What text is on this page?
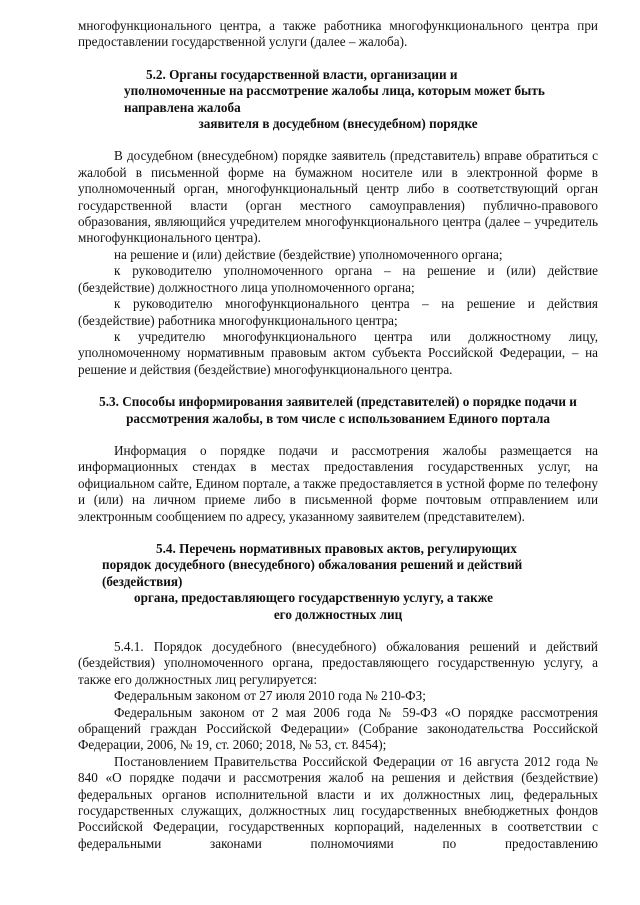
многофункционального центра, а также работника многофункционального центра при предоставлении государственной услуги (далее – жалоба).

5.2. Органы государственной власти, организации и

уполномоченные на рассмотрение жалобы лица, которым может быть

направлена жалоба

заявителя в досудебном (внесудебном) порядке

В досудебном (внесудебном) порядке заявитель (представитель) вправе обратиться с жалобой в письменной форме на бумажном носителе или в электронной форме в уполномоченный орган, многофункциональный центр либо в соответствующий орган государственной власти (орган местного самоуправления) публично-правового образования, являющийся учредителем многофункционального центра (далее – учредитель многофункционального центра).

на решение и (или) действие (бездействие) уполномоченного органа;

к руководителю уполномоченного органа – на решение и (или) действие (бездействие) должностного лица уполномоченного органа;

к руководителю многофункционального центра – на решение и действия (бездействие) работника многофункционального центра;

к учредителю многофункционального центра или должностному лицу, уполномоченному нормативным правовым актом субъекта Российской Федерации, – на решение и действия (бездействие) многофункционального центра.

5.3. Способы информирования заявителей (представителей) о порядке подачи и

рассмотрения жалобы, в том числе с использованием Единого портала

Информация о порядке подачи и рассмотрения жалобы размещается на информационных стендах в местах предоставления государственных услуг, на официальном сайте, Едином портале, а также предоставляется в устной форме по телефону и (или) на личном приеме либо в письменной форме почтовым отправлением или электронным сообщением по адресу, указанному заявителем (представителем).

5.4. Перечень нормативных правовых актов, регулирующих

порядок досудебного (внесудебного) обжалования решений и действий

(бездействия)

органа, предоставляющего государственную услугу, а также

его должностных лиц

5.4.1. Порядок досудебного (внесудебного) обжалования решений и действий (бездействия) уполномоченного органа, предоставляющего государственную услугу, а также его должностных лиц регулируется:

Федеральным законом от 27 июля 2010 года № 210-ФЗ;

Федеральным законом от 2 мая 2006 года № 59-ФЗ «О порядке рассмотрения обращений граждан Российской Федерации» (Собрание законодательства Российской Федерации, 2006, № 19, ст. 2060; 2018, № 53, ст. 8454);

Постановлением Правительства Российской Федерации от 16 августа 2012 года № 840 «О порядке подачи и рассмотрения жалоб на решения и действия (бездействие) федеральных органов исполнительной власти и их должностных лиц, федеральных государственных служащих, должностных лиц государственных внебюджетных фондов Российской Федерации, государственных корпораций, наделенных в соответствии с федеральными законами полномочиями по предоставлению
